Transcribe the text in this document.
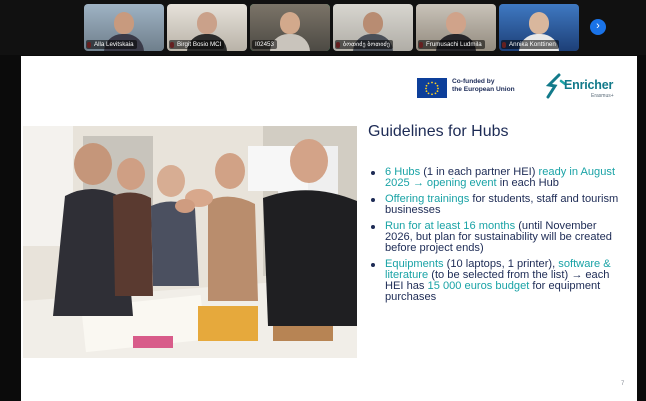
Alla Levitskaia	Birgit Bosio MCI	I02453	ბოთიძე ბოთიძე	Frumusachi Ludmila	Annika Konttinen
›
Co-funded by
the European Union	Enricher
Erasmus+
Guidelines for Hubs
6 Hubs (1 in each partner HEI) ready in August 2025 → opening event in each Hub
Offering trainings for students, staff and tourism businesses
Run for at least 16 months (until November 2026, but plan for sustainability will be created before project ends)
Equipments (10 laptops, 1 printer), software & literature (to be selected from the list) → each HEI has 15 000 euros budget for equipment purchases
7
